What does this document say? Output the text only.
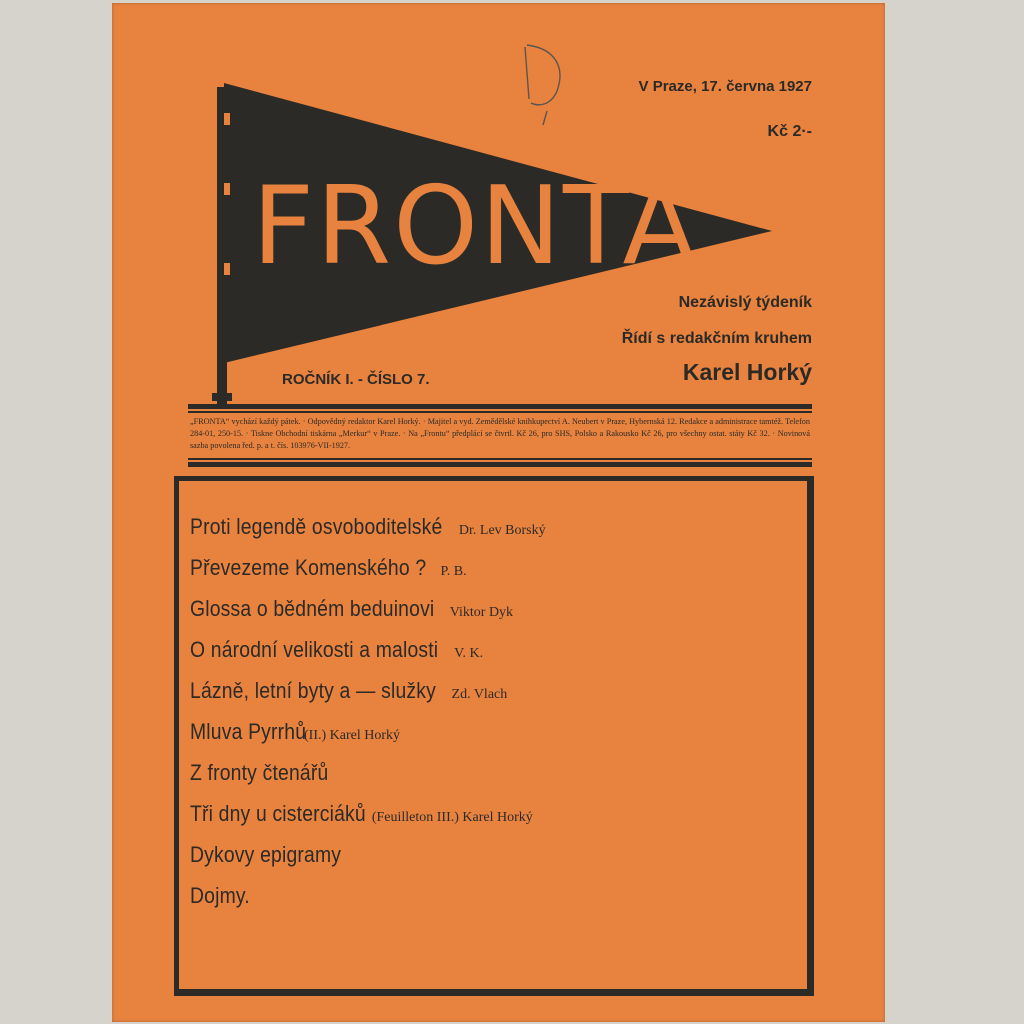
FRONTA
V Praze, 17. června 1927
Kč 2·-
Nezávislý týdeník
Řídí s redakčním kruhem
Karel Horký
ROČNÍK I. - ČÍSLO 7.
„FRONTA“ vychází každý pátek. · Odpovědný redaktor Karel Horký. · Majitel a vyd. Zemědělské knihkupectví A. Neubert v Praze, Hybernská 12. Redakce a administrace tamtéž. Telefon 284-01, 250-15. · Tiskne Obchodní tiskárna „Merkur“ v Praze. · Na „Frontu“ předplácí se čtvrtl. Kč 26, pro SHS, Polsko a Rakousko Kč 26, pro všechny ostat. státy Kč 32. · Novinová sazba povolena řed. p. a t. čís. 103976-VII-1927.
Proti legendě osvoboditelské Dr. Lev Borský
Převezeme Komenského ? P. B.
Glossa o bědném beduinovi Viktor Dyk
O národní velikosti a malosti V. K.
Lázně, letní byty a — služky Zd. Vlach
Mluva Pyrrhů(II.) Karel Horký
Z fronty čtenářů
Tři dny u cisterciáků (Feuilleton III.) Karel Horký
Dykovy epigramy
Dojmy.
